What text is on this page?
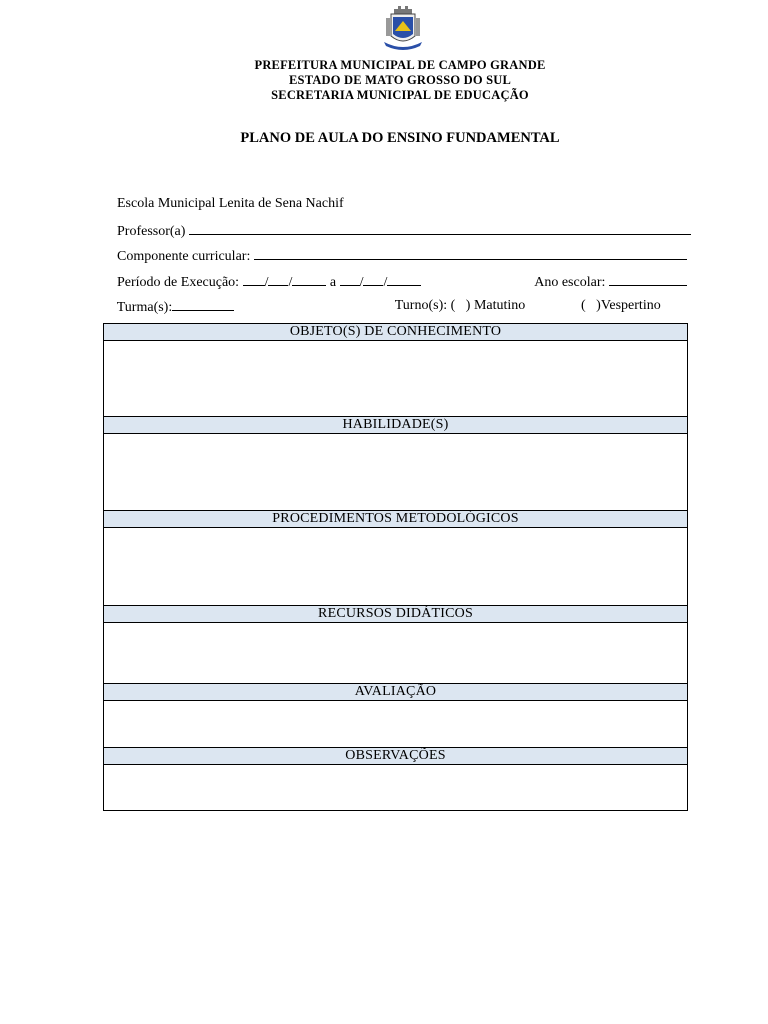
PREFEITURA MUNICIPAL DE CAMPO GRANDE
ESTADO DE MATO GROSSO DO SUL
SECRETARIA MUNICIPAL DE EDUCAÇÃO
PLANO DE AULA DO ENSINO FUNDAMENTAL

Escola Municipal Lenita de Sena Nachif

Professor(a)

Componente curricular:

Período de Execução: / /	a / /	Ano escolar:

Turma(s):	Turno(s): (   ) Matutino	(   )Vespertino

OBJETO(S) DE CONHECIMENTO

HABILIDADE(S)

PROCEDIMENTOS METODOLÓGICOS

RECURSOS DIDÁTICOS

AVALIAÇÃO

OBSERVAÇÕES
